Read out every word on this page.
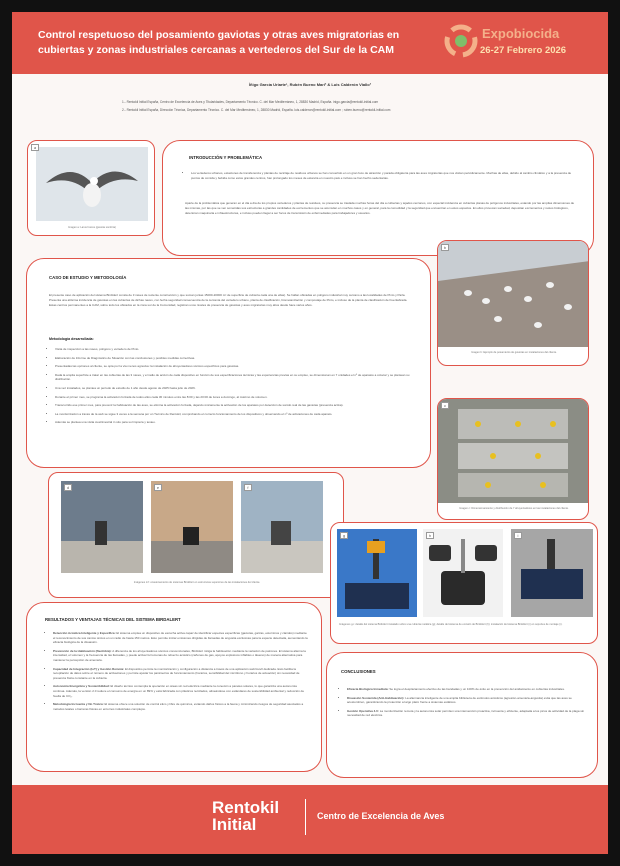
Control respetuoso del posamiento gaviotas y otras aves migratorias en cubiertas y zonas industriales cercanas a vertederos del Sur de la CAM
Expobiocida
26-27 Febrero 2026
Íñigo García Uriarte¹, Rubén Bueno Mari² & Luis Calderón Viallo²
1.- Rentokil Initial España, Centro de Excelencia de Aves y Titularidades, Departamento Técnico. C. del Mar Mediterráneo, 1, 28830 Madrid, España. inigo.garcia@rentokil-initial.com
2.- Rentokil Initial España, Dirección Técnica, Departamento Técnico. C. del Mar Mediterráneo, 1, 28830 Madrid, España. luis.calderon@rentokil-initial.com ; ruben.bueno@rentokil-initial.com
a
Imagen a: Larus fuscus (gaviota sombría)
INTRODUCCIÓN Y PROBLEMÁTICA
• Los vertederos urbanos, estaciones de transferencia y plantas de reciclaje de residuos urbanos se han convertido en un gran foco de atracción y parada obligatoria para las aves migratorias que nos visitan periódicamente. Muchas de ellas, debido al cambio climático y a la presencia de puntos de comida y bebida como estos grandes centros, han prolongado los meses de estancia en nuestro país e incluso se han hecho sedentarias.
Aparte de la problemática que generan en el día a día de los propios vertederos y plantas de residuos, su presencia se traslada muchas horas del día a cubiertas y tejados cercanos, con especial incidencia en cubiertas planas de polígonos industriales, estando por las amplias dimensiones de las mismas, por las que se ven sometidas sus estructuras a grandes cantidades de excrementos que se acumulan en muchos casos y en general, para la comodidad y la seguridad que encuentran en estos espacios. En ellos provocan suciedad, depositan excrementos y restos biológicos, deterioran maquinaria e infraestructuras, e incluso pueden llegar a ser focos de transmisión de enfermedades para trabajadores y usuarios.
CASO DE ESTUDIO Y METODOLOGÍA
El presente caso de aplicación del sistema BirdAlert consta de 3 naves de reciente construcción y que suman juntas 15000-20000 m² de superficie de cubierta cada una de ellas). Se hallan ubicadas en polígono industrial muy cercano a las localidades de Pinto y Parla. Presenta una altísima incidencia de gaviotas en las cubiertas de dichas naves, con fecha seguridad consecuencia de la cercanía del vertedero urbano, planta de clasificación, biometanización y compostaje de Pinto, e incluso de la planta de clasificación de Fuenlabrada. Estas centros permanentes a la CAM, sobre todo los ubicados en la zona sur de la Comunidad, registran unos niveles de presencia de gaviotas y aves migratorias muy altos desde hace varios años.
Metodología desarrollada:
• Visita de inspección a las naves, polígono y vertedero de Pinto.
• Elaboración de Informe de Diagnóstico de Situación con las conclusiones y posibles medidas correctivas.
• Presentadas las opciones al cliente, se opta por la vía menos agresiva: la instalación de ahuyentadores sónicos específicos para gaviotas.
• Dada la amplia superficie a tratar en las cubiertas de las 3 naves, y el radio de acción de cada dispositivo en función de sus especificaciones técnicas y las experiencias previas en su empleo, se dimensionan en 7 unidades el nº de aparatos a colocar y se plantean su distribución.
• Una vez instalados, se plantea un período de estudio de 1 año desde agosto de 2025 hasta julio de 2026.
• Durante el primer mes, se programa la activación forzada de todos ellos cada 30 minutos entre las 8:00 y las 20:00 de lunes a domingo, al máximo de volumen.
• Transcurrido ese primer mes, para prevenir la habituación de las aves, se elimina la activación forzada, dejando únicamente la activación de los aparatos por detección de sonido real de las gaviotas (presencia activa).
• La monitorización a través de la web se sigue 3 veces a la semana por un Técnico de Rentokil, comprobando el correcto funcionamiento de los dispositivos y observando el nº de activaciones de cada aparato.
• Además se plantea una visita cuatrimestral in situ para su limpieza y testeo.
b
Imagen b: Ejemplo de posamiento de gaviotas en instalaciones del cliente.
c
Imagen c: Dimensionamiento y distribución de 7 ahuyentadores en las instalaciones del cliente.
d	e	f
Imágenes d-f: ocasionamiento de sistemas BirdAlert en estructuras superiores de las instalaciones del cliente.
g	h	i
Imágenes g-i: detalle del sistema BirdAlert instalado sobre una cubierta metálica (g); detalle del sistema de emisión de BirdAlert (h); instalación del sistema BirdAlert (i) en soportes de montaje (i).
RESULTADOS Y VENTAJAS TÉCNICAS DEL SISTEMA BIRDALERT
• Detección Acústica Inteligente y Específica: El sistema emplea un dispositivo de escucha activa capaz de identificar especies específicas (gaviotas, garzas, estorninos y cánidos) mediante el reconocimiento de sus cantos únicos en un radio de hasta 150 metros. Esto permite iniciar emisiones dirigidas de llamadas de angustia exclusivas para la especie detectada, aumentando la eficacia biológica de la disuasión.
• Prevención de la Habituación (Neofobia): A diferencia de los ahuyentadores sónicos convencionales, BirdAlert mitiga la habituación mediante la variación de patrones. El sistema alterna la intensidad, el volumen y la frecuencia de las llamadas, y puede activar ferromonas de refuerzo acústico (cañones de gas, apoyos explosivos inflables o láseres) de manera alternativa para mantener la percepción de amenaza.
• Capacidad de Integración (IoT) y Gestión Remota: El dispositivo permite la monitorización y configuración a distancia a través de una aplicación web/móvil dedicada. Esto facilita la recopilación de datos sobre el número de activaciones y permite ajustar los parámetros de funcionamiento (horarios, sensibilidad del micrófono y horarios de actuación) sin necesidad de presencia física constante en la cubierta.
• Autonomía Energética y Sostenibilidad: El diseño técnico contempla la operación en áreas sin red eléctrica mediante la conexión a paneles solares, lo que garantiza una autonomía continua. Además, la versión 2.0 reduce el consumo de energía en un 89% y está fabricada con plásticos reciclados, alineándose con estándares de sostenibilidad ambiental y reducción de huella de CO₂.
• Metodología Incruenta y No Tóxica: El sistema ofrece una solución de control ético y libre de químicos, evitando daños físicos a la fauna y minimizando riesgos de seguridad asociados a métodos letales o barreras físicas en entornos industriales complejos.
CONCLUSIONES
• Eficacia Biológica Inmediata: Se logra el desplazamiento efectivo de las bandadas y un 100% de éxito en la prevención del anidamiento en cubiertas industriales.
• Disuasión Sostenida (Anti-Habituación): La alternancia inteligente de una amplia biblioteca de estímulos acústicos (agresión-amenaza-angustia) evita que las aves se acostumbren, garantizando la protección a largo plazo frente a sistemas estáticos.
• Gestión Operativa 4.0: La monitorización remota y la autonomía solar permiten una intervención proactiva, incruenta y eficiente, adaptada a los picos de actividad de la plaga sin necesidad de red eléctrica.
Rentokil
Initial	Centro de Excelencia de Aves
